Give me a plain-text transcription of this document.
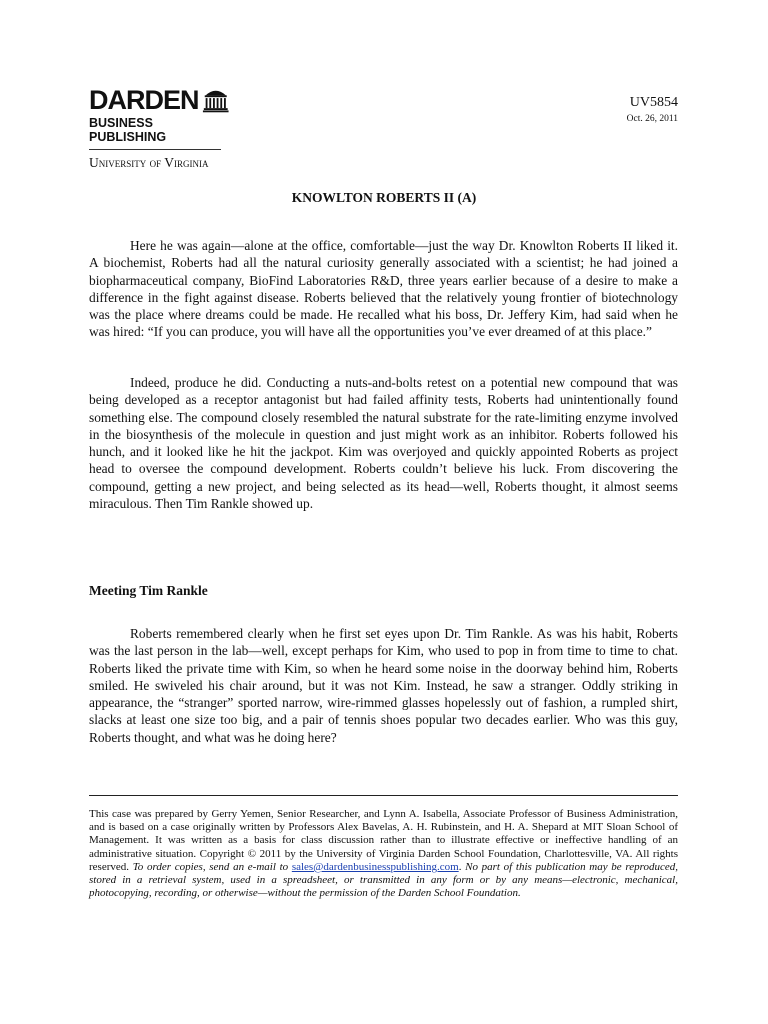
DARDEN
BUSINESS PUBLISHING
University of Virginia
UV5854
Oct. 26, 2011
KNOWLTON ROBERTS II (A)

Here he was again—alone at the office, comfortable—just the way Dr. Knowlton Roberts II liked it. A biochemist, Roberts had all the natural curiosity generally associated with a scientist; he had joined a biopharmaceutical company, BioFind Laboratories R&D, three years earlier because of a desire to make a difference in the fight against disease. Roberts believed that the relatively young frontier of biotechnology was the place where dreams could be made. He recalled what his boss, Dr. Jeffery Kim, had said when he was hired: “If you can produce, you will have all the opportunities you’ve ever dreamed of at this place.”

Indeed, produce he did. Conducting a nuts-and-bolts retest on a potential new compound that was being developed as a receptor antagonist but had failed affinity tests, Roberts had unintentionally found something else. The compound closely resembled the natural substrate for the rate-limiting enzyme involved in the biosynthesis of the molecule in question and just might work as an inhibitor. Roberts followed his hunch, and it looked like he hit the jackpot. Kim was overjoyed and quickly appointed Roberts as project head to oversee the compound development. Roberts couldn’t believe his luck. From discovering the compound, getting a new project, and being selected as its head—well, Roberts thought, it almost seems miraculous. Then Tim Rankle showed up.

Meeting Tim Rankle

Roberts remembered clearly when he first set eyes upon Dr. Tim Rankle. As was his habit, Roberts was the last person in the lab—well, except perhaps for Kim, who used to pop in from time to time to chat. Roberts liked the private time with Kim, so when he heard some noise in the doorway behind him, Roberts smiled. He swiveled his chair around, but it was not Kim. Instead, he saw a stranger. Oddly striking in appearance, the “stranger” sported narrow, wire-rimmed glasses hopelessly out of fashion, a rumpled shirt, slacks at least one size too big, and a pair of tennis shoes popular two decades earlier. Who was this guy, Roberts thought, and what was he doing here?

This case was prepared by Gerry Yemen, Senior Researcher, and Lynn A. Isabella, Associate Professor of Business Administration, and is based on a case originally written by Professors Alex Bavelas, A. H. Rubinstein, and H. A. Shepard at MIT Sloan School of Management. It was written as a basis for class discussion rather than to illustrate effective or ineffective handling of an administrative situation. Copyright © 2011 by the University of Virginia Darden School Foundation, Charlottesville, VA. All rights reserved. To order copies, send an e-mail to sales@dardenbusinesspublishing.com. No part of this publication may be reproduced, stored in a retrieval system, used in a spreadsheet, or transmitted in any form or by any means—electronic, mechanical, photocopying, recording, or otherwise—without the permission of the Darden School Foundation.
